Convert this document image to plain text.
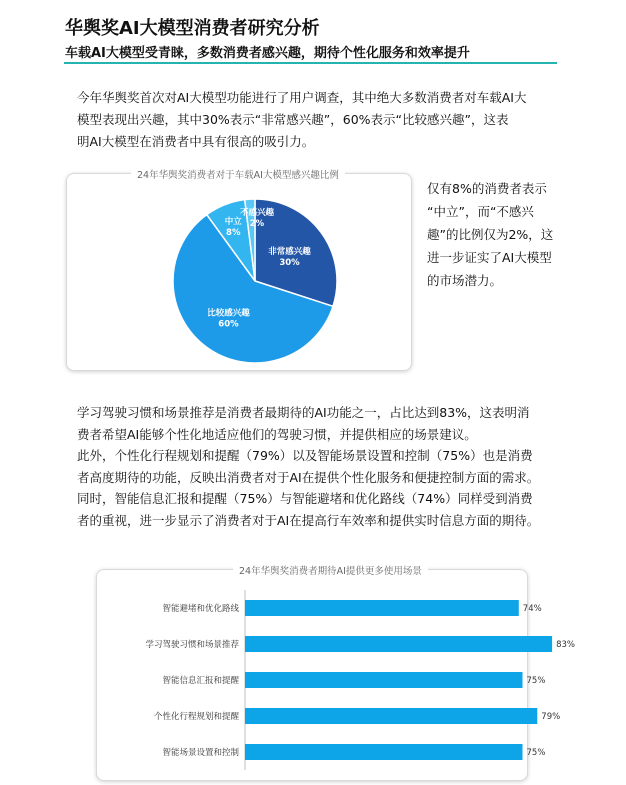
华舆奖AI大模型消费者研究分析
车载AI大模型受青睐，多数消费者感兴趣，期待个性化服务和效率提升
今年华舆奖首次对AI大模型功能进行了用户调查，其中绝大多数消费者对车载AI大
模型表现出兴趣，其中30%表示“非常感兴趣”，60%表示“比较感兴趣”，这表
明AI大模型在消费者中具有很高的吸引力。
24年华舆奖消费者对于车载AI大模型感兴趣比例
非常感兴趣
30%
比较感兴趣
60%
中立
8%
不感兴趣
2%
仅有8%的消费者表示
“中立”，而“不感兴
趣”的比例仅为2%，这
进一步证实了AI大模型
的市场潜力。
学习驾驶习惯和场景推荐是消费者最期待的AI功能之一，占比达到83%，这表明消
费者希望AI能够个性化地适应他们的驾驶习惯，并提供相应的场景建议。
此外，个性化行程规划和提醒（79%）以及智能场景设置和控制（75%）也是消费
者高度期待的功能，反映出消费者对于AI在提供个性化服务和便捷控制方面的需求。
同时，智能信息汇报和提醒（75%）与智能避堵和优化路线（74%）同样受到消费
者的重视，进一步显示了消费者对于AI在提高行车效率和提供实时信息方面的期待。
24年华舆奖消费者期待AI提供更多使用场景
智能避堵和优化路线	74%
学习驾驶习惯和场景推荐	83%
智能信息汇报和提醒	75%
个性化行程规划和提醒	79%
智能场景设置和控制	75%
